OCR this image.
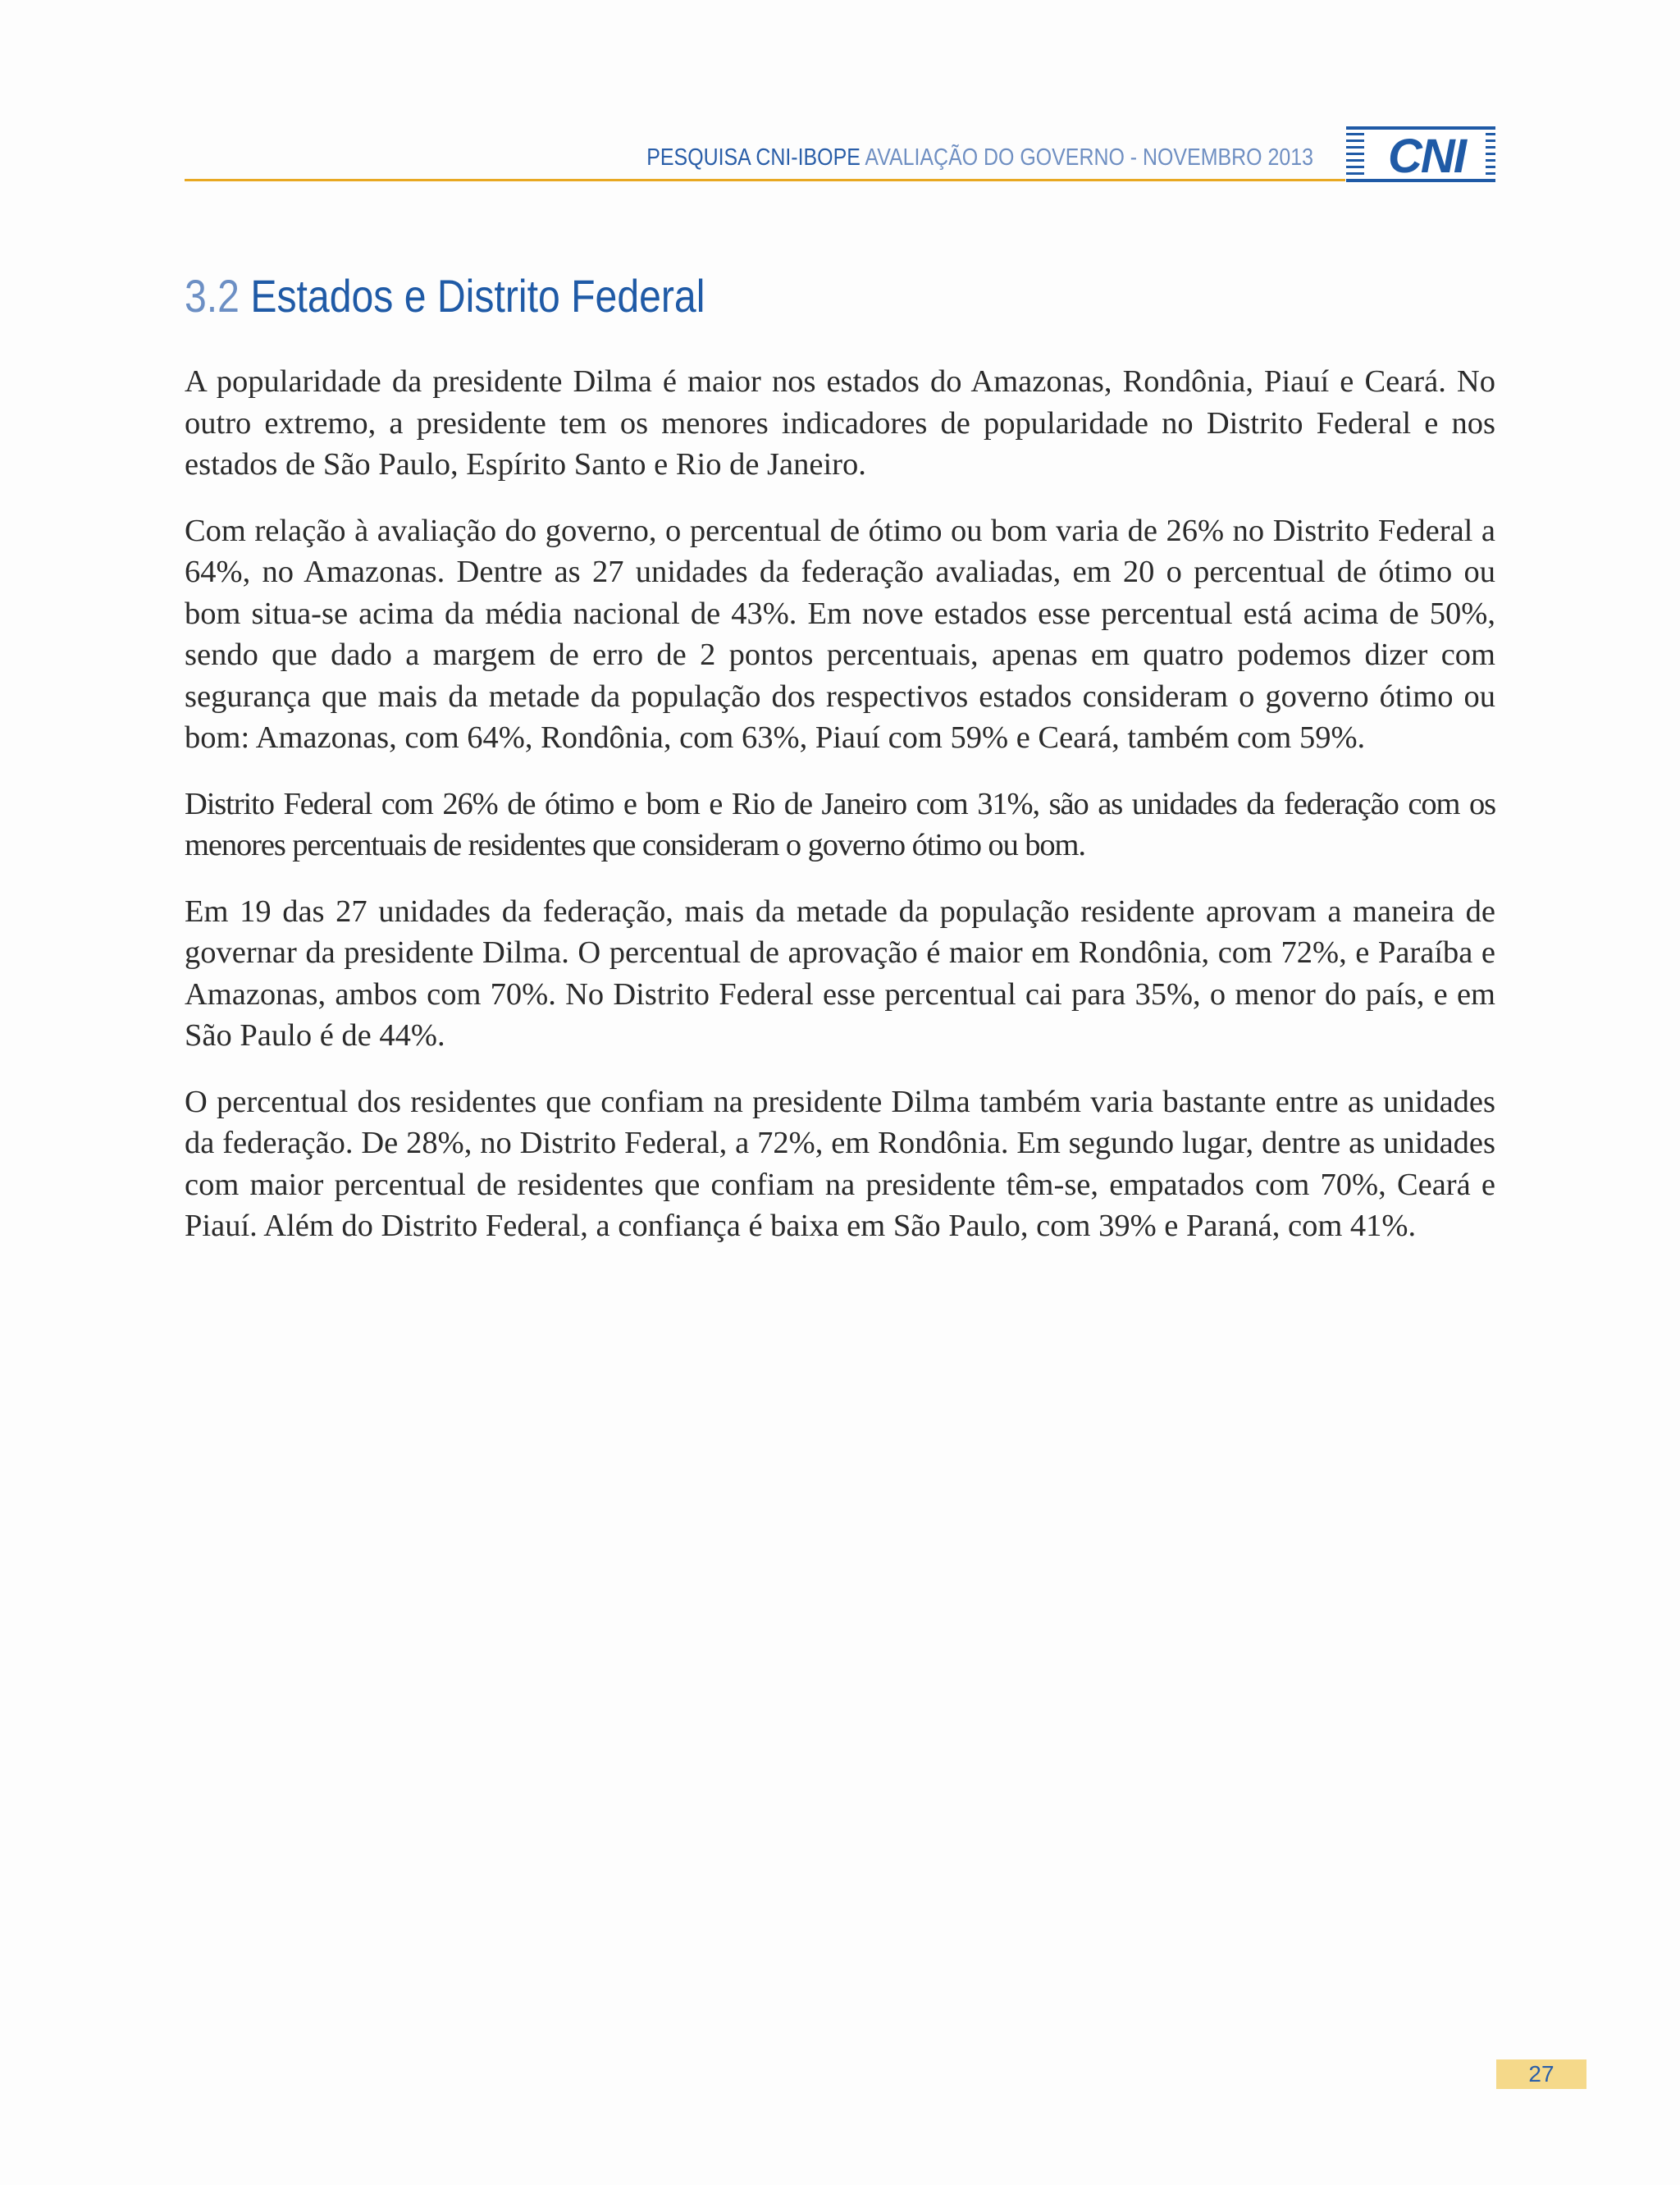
PESQUISA CNI-IBOPE AVALIAÇÃO DO GOVERNO - NOVEMBRO 2013 CNI
3.2 Estados e Distrito Federal

A popularidade da presidente Dilma é maior nos estados do Amazonas, Rondônia, Piauí e Ceará. No outro extremo, a presidente tem os menores indicadores de popularidade no Distrito Federal e nos estados de São Paulo, Espírito Santo e Rio de Janeiro.

Com relação à avaliação do governo, o percentual de ótimo ou bom varia de 26% no Distrito Federal a 64%, no Amazonas. Dentre as 27 unidades da federação avaliadas, em 20 o percentual de ótimo ou bom situa-se acima da média nacional de 43%. Em nove estados esse percentual está acima de 50%, sendo que dado a margem de erro de 2 pontos percentuais, apenas em quatro podemos dizer com segurança que mais da metade da população dos respectivos estados consideram o governo ótimo ou bom: Amazonas, com 64%, Rondônia, com 63%, Piauí com 59% e Ceará, também com 59%.

Distrito Federal com 26% de ótimo e bom e Rio de Janeiro com 31%, são as unidades da federação com os menores percentuais de residentes que consideram o governo ótimo ou bom.

Em 19 das 27 unidades da federação, mais da metade da população residente aprovam a maneira de governar da presidente Dilma. O percentual de aprovação é maior em Rondônia, com 72%, e Paraíba e Amazonas, ambos com 70%. No Distrito Federal esse percentual cai para 35%, o menor do país, e em São Paulo é de 44%.

O percentual dos residentes que confiam na presidente Dilma também varia bastante entre as unidades da federação. De 28%, no Distrito Federal, a 72%, em Rondônia. Em segundo lugar, dentre as unidades com maior percentual de residentes que confiam na presidente têm-se, empatados com 70%, Ceará e Piauí. Além do Distrito Federal, a confiança é baixa em São Paulo, com 39% e Paraná, com 41%.

27
